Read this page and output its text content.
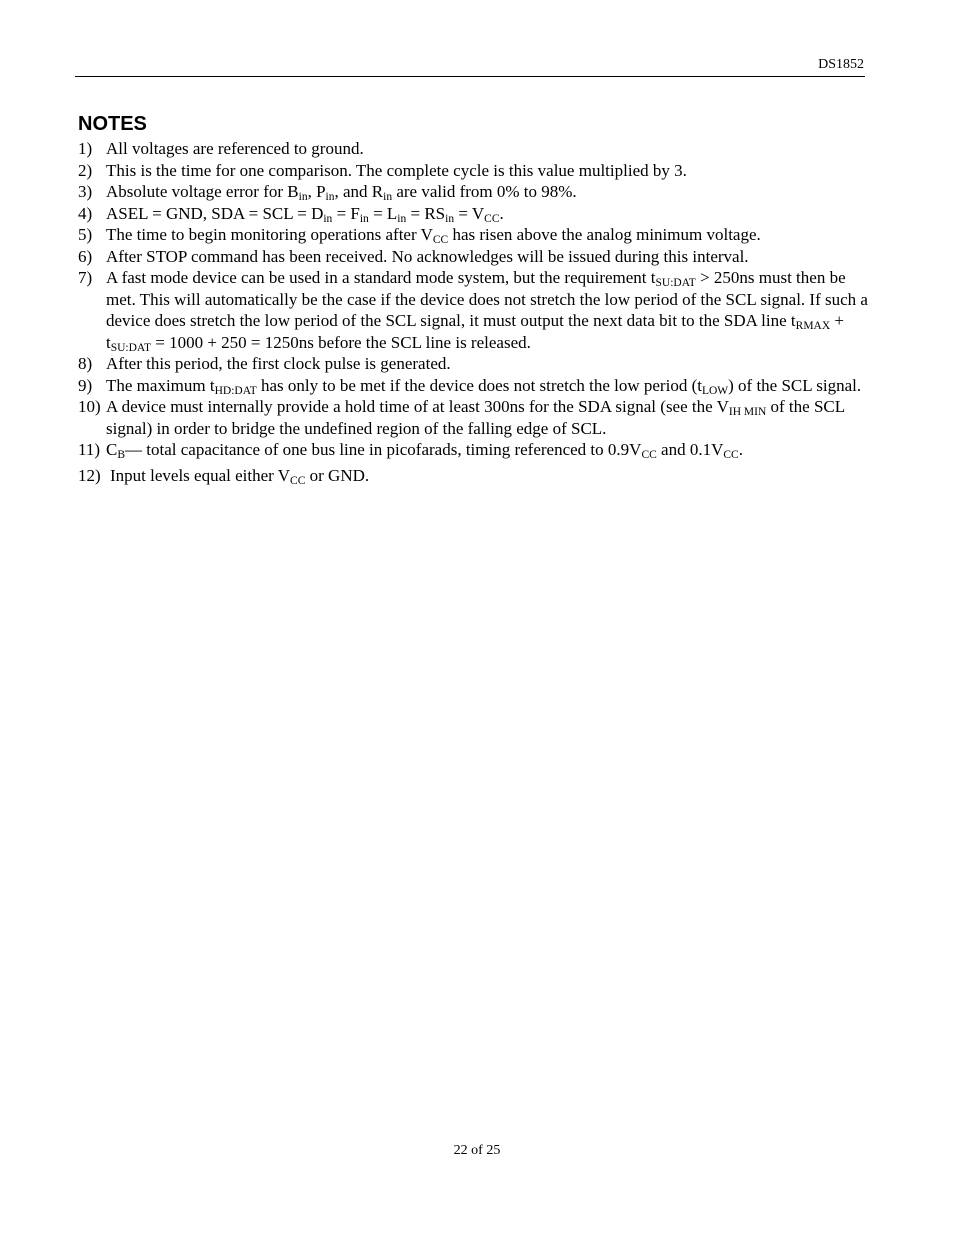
DS1852
NOTES
1) All voltages are referenced to ground.
2) This is the time for one comparison. The complete cycle is this value multiplied by 3.
3) Absolute voltage error for $B_{in}$, $P_{in}$, and $R_{in}$ are valid from 0% to 98%.
4) ASEL = GND, SDA = SCL = $D_{in} = F_{in} = L_{in} = RS_{in} = V_{CC}$.
5) The time to begin monitoring operations after $V_{CC}$ has risen above the analog minimum voltage.
6) After STOP command has been received. No acknowledges will be issued during this interval.
7) A fast mode device can be used in a standard mode system, but the requirement $t_{SU:DAT} > 250ns$ must then be met. This will automatically be the case if the device does not stretch the low period of the SCL signal. If such a device does stretch the low period of the SCL signal, it must output the next data bit to the SDA line $t_{RMAX} + t_{SU:DAT} = 1000 + 250 = 1250ns$ before the SCL line is released.
8) After this period, the first clock pulse is generated.
9) The maximum $t_{HD:DAT}$ has only to be met if the device does not stretch the low period $(t_{LOW})$ of the SCL signal.
10) A device must internally provide a hold time of at least 300ns for the SDA signal (see the $V_{IH MIN}$ of the SCL signal) in order to bridge the undefined region of the falling edge of SCL.
11) $C_B—$ total capacitance of one bus line in picofarads, timing referenced to $0.9V_{CC}$ and $0.1V_{CC}$.
12) Input levels equal either $V_{CC}$ or GND.
22 of 25
